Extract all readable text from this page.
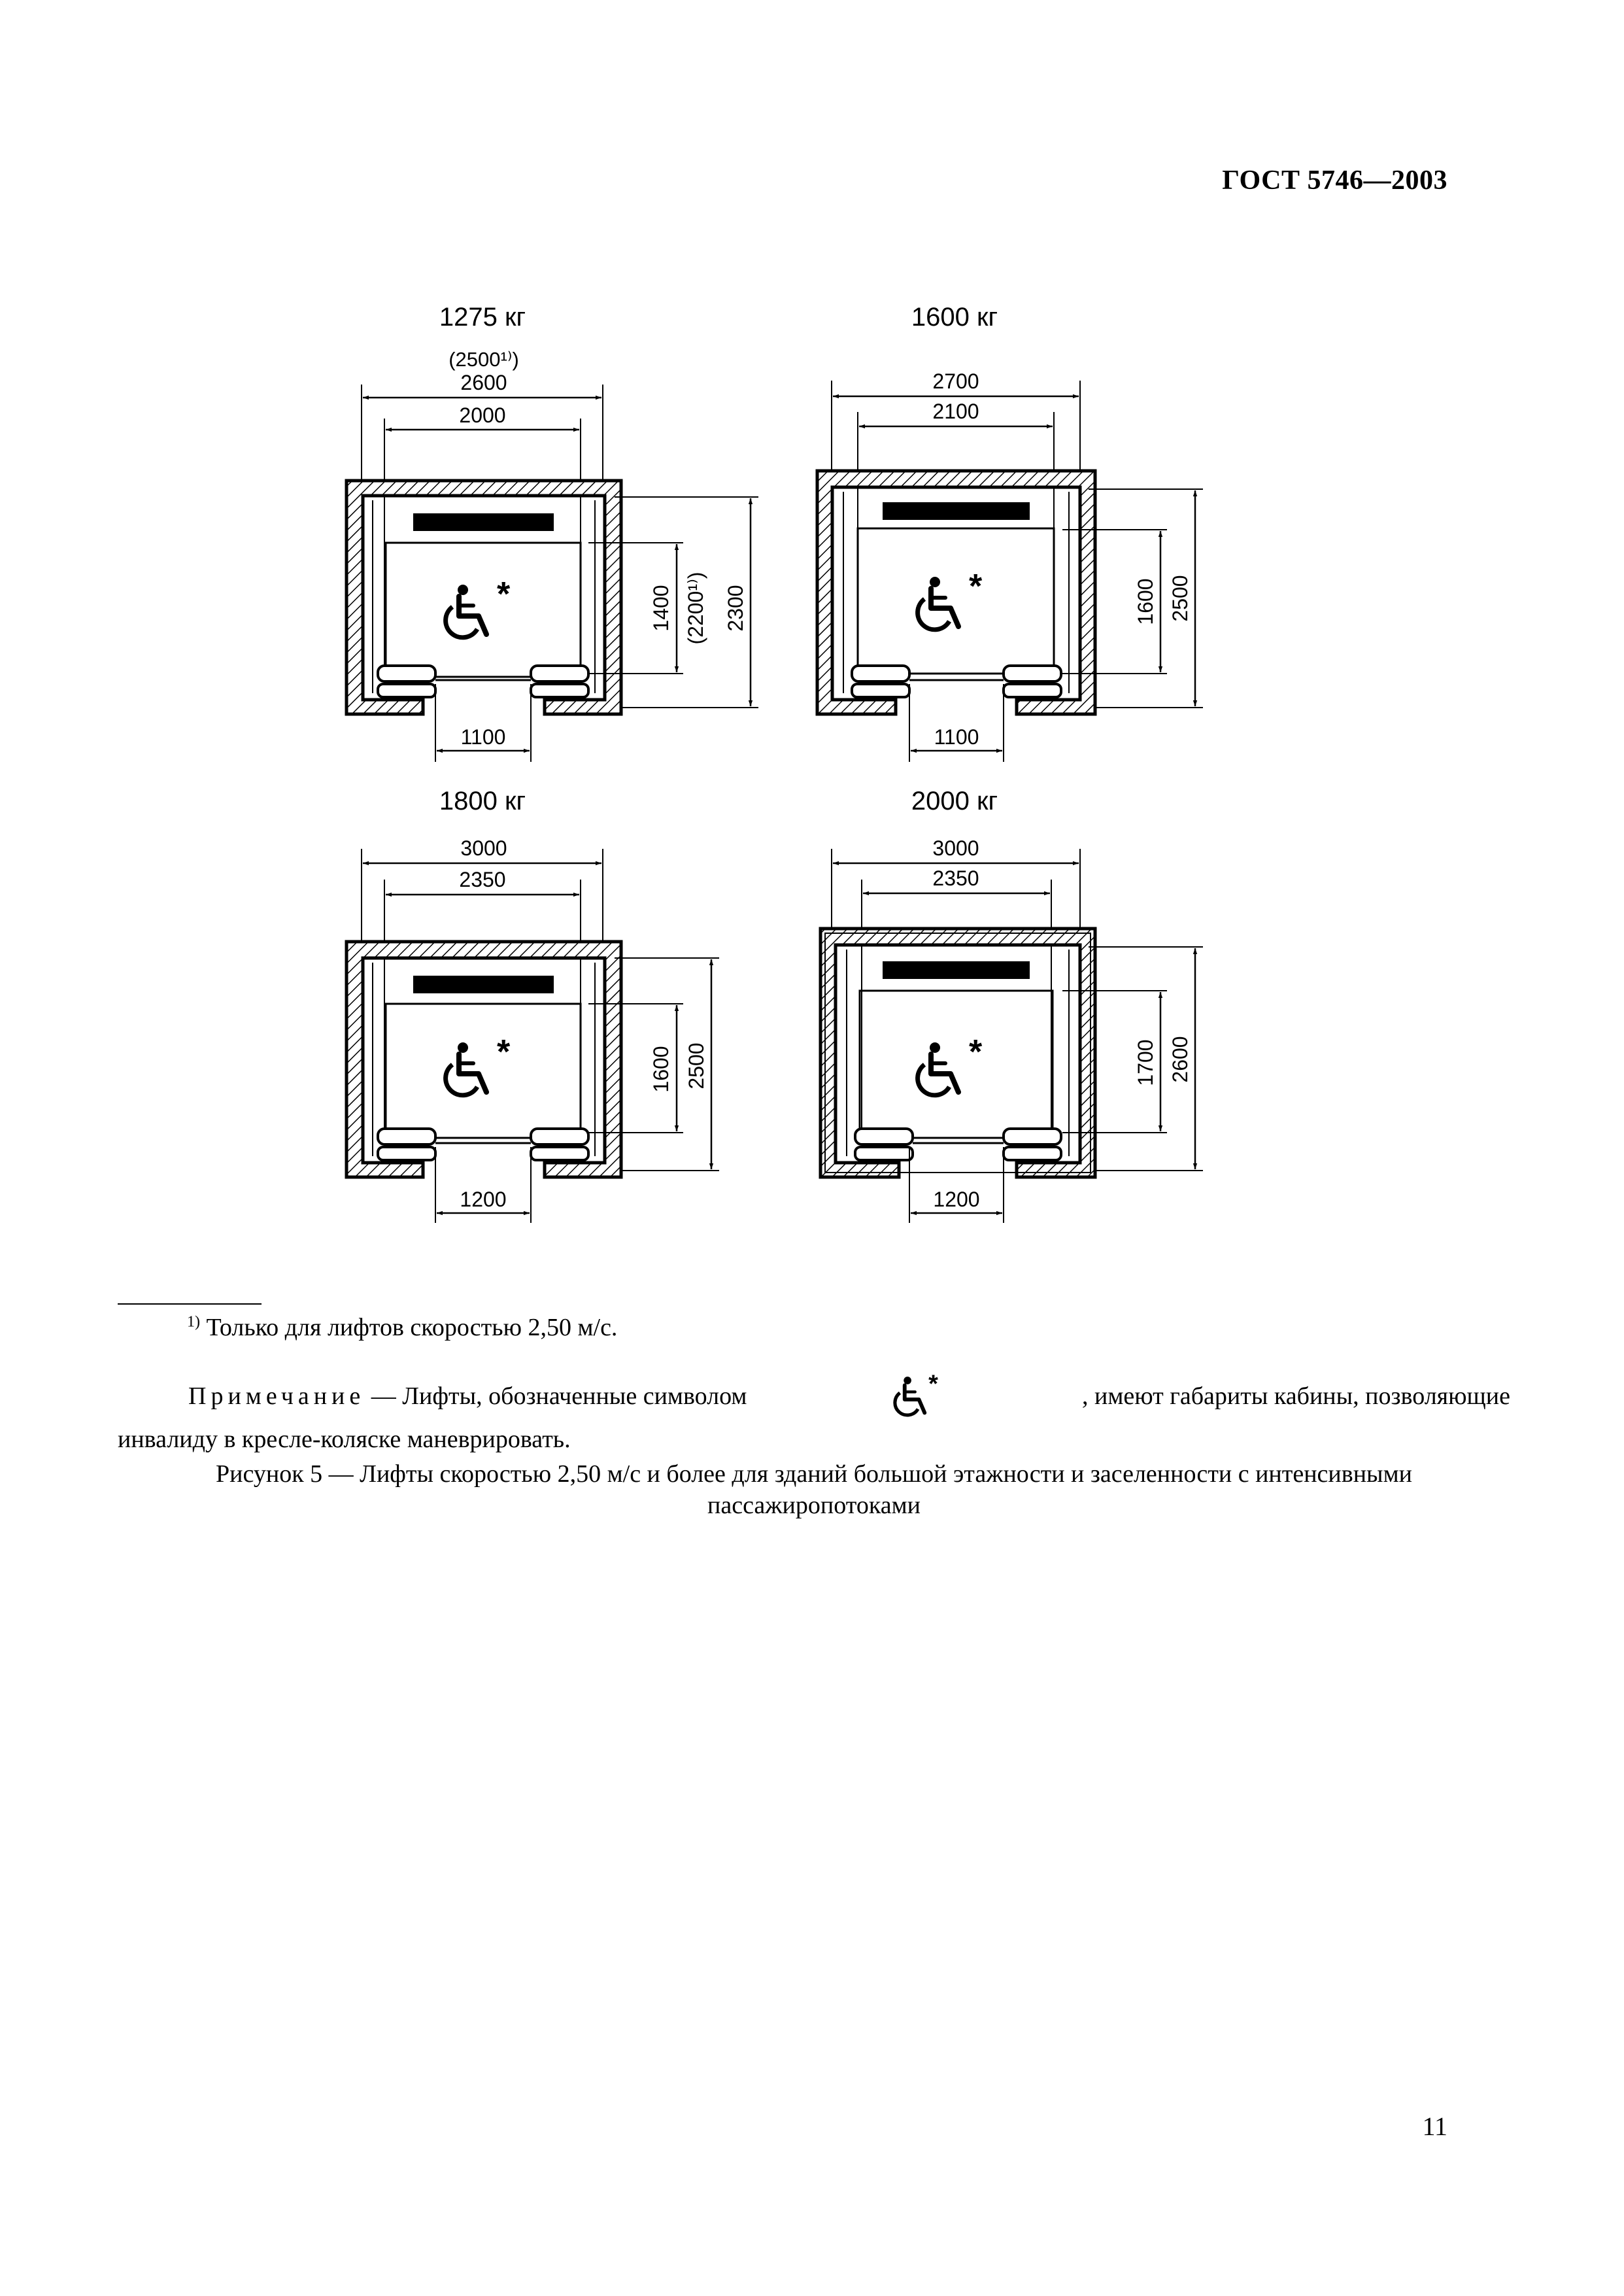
ГОСТ 5746—2003
1275 кг
(2500¹⁾)
2600
2000
1100
1400 (2200¹⁾) 2300
1600 кг
2700
2100
1100
1600 2500
1800 кг
3000
2350
1200
1600 2500
2000 кг
3000
2350
1200
1700 2600
$^{1)}$ Только для лифтов скоростью 2,50 м/с.
Примечание — Лифты, обозначенные символом	*	, имеют габариты кабины, позволяющие
инвалиду в кресле-коляске маневрировать.
Рисунок 5 — Лифты скоростью 2,50 м/с и более для зданий большой этажности и заселенности с интенсивными пассажиропотоками
11
